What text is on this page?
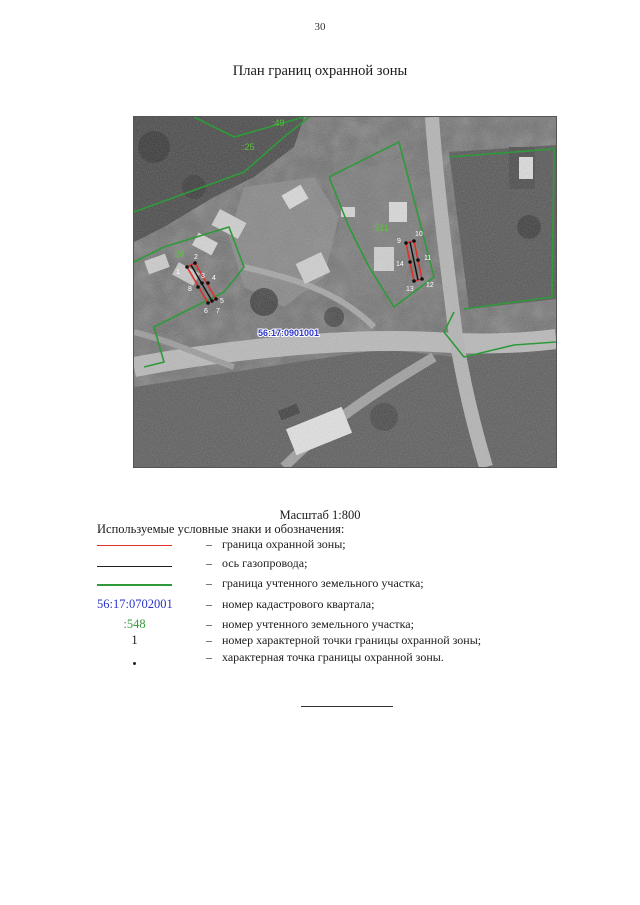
30
План границ охранной зоны
1
2
3 4
5
6 7
8
9
10
11
12
13
14
:49
:25
:24
:511
56:17:0901001
Масштаб 1:800
Используемые условные знаки и обозначения:
– граница охранной зоны;
– ось газопровода;
– граница учтенного земельного участка;
56:17:0702001	– номер кадастрового квартала;
:548	– номер учтенного земельного участка;
1	– номер характерной точки границы охранной зоны;
– характерная точка границы охранной зоны.
